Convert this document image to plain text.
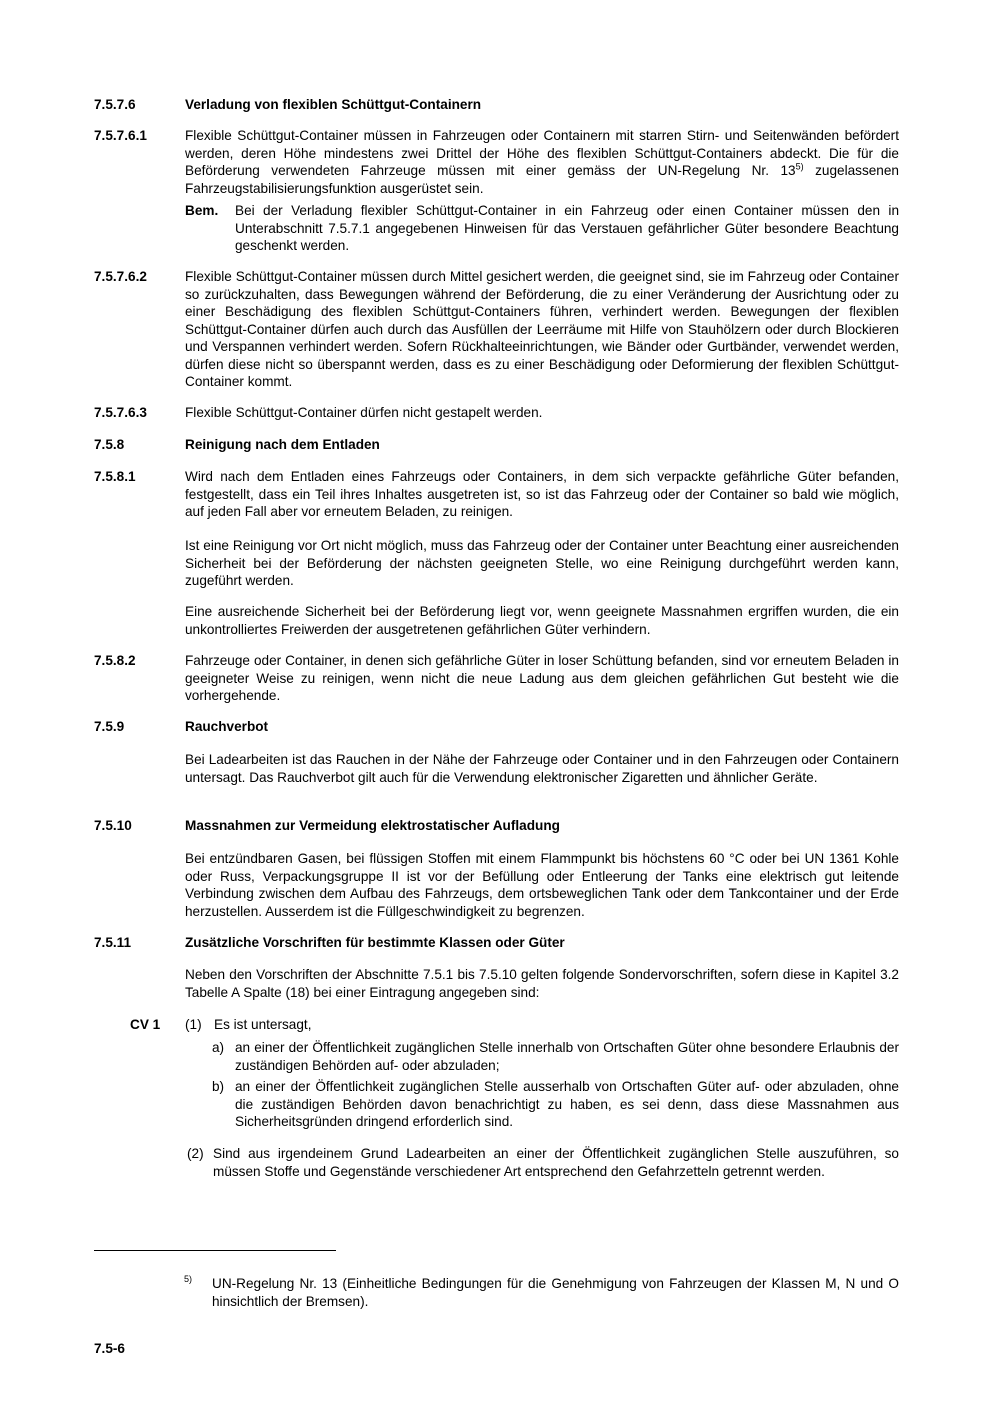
7.5.7.6	Verladung von flexiblen Schüttgut-Containern
7.5.7.6.1	Flexible Schüttgut-Container müssen in Fahrzeugen oder Containern mit starren Stirn- und Seitenwänden befördert werden, deren Höhe mindestens zwei Drittel der Höhe des flexiblen Schüttgut-Containers abdeckt. Die für die Beförderung verwendeten Fahrzeuge müssen mit einer gemäss der UN-Regelung Nr. 13$^{5)}$ zugelassenen Fahrzeugstabilisierungsfunktion ausgerüstet sein.
Bem. Bei der Verladung flexibler Schüttgut-Container in ein Fahrzeug oder einen Container müssen den in Unterabschnitt 7.5.7.1 angegebenen Hinweisen für das Verstauen gefährlicher Güter besondere Beachtung geschenkt werden.
7.5.7.6.2	Flexible Schüttgut-Container müssen durch Mittel gesichert werden, die geeignet sind, sie im Fahrzeug oder Container so zurückzuhalten, dass Bewegungen während der Beförderung, die zu einer Veränderung der Ausrichtung oder zu einer Beschädigung des flexiblen Schüttgut-Containers führen, verhindert werden. Bewegungen der flexiblen Schüttgut-Container dürfen auch durch das Ausfüllen der Leerräume mit Hilfe von Stauhölzern oder durch Blockieren und Verspannen verhindert werden. Sofern Rückhalteeinrichtungen, wie Bänder oder Gurtbänder, verwendet werden, dürfen diese nicht so überspannt werden, dass es zu einer Beschädigung oder Deformierung der flexiblen Schüttgut-Container kommt.
7.5.7.6.3	Flexible Schüttgut-Container dürfen nicht gestapelt werden.
7.5.8	Reinigung nach dem Entladen
7.5.8.1	Wird nach dem Entladen eines Fahrzeugs oder Containers, in dem sich verpackte gefährliche Güter befanden, festgestellt, dass ein Teil ihres Inhaltes ausgetreten ist, so ist das Fahrzeug oder der Container so bald wie möglich, auf jeden Fall aber vor erneutem Beladen, zu reinigen.

Ist eine Reinigung vor Ort nicht möglich, muss das Fahrzeug oder der Container unter Beachtung einer ausreichenden Sicherheit bei der Beförderung der nächsten geeigneten Stelle, wo eine Reinigung durchgeführt werden kann, zugeführt werden.

Eine ausreichende Sicherheit bei der Beförderung liegt vor, wenn geeignete Massnahmen ergriffen wurden, die ein unkontrolliertes Freiwerden der ausgetretenen gefährlichen Güter verhindern.

7.5.8.2	Fahrzeuge oder Container, in denen sich gefährliche Güter in loser Schüttung befanden, sind vor erneutem Beladen in geeigneter Weise zu reinigen, wenn nicht die neue Ladung aus dem gleichen gefährlichen Gut besteht wie die vorhergehende.
7.5.9	Rauchverbot
Bei Ladearbeiten ist das Rauchen in der Nähe der Fahrzeuge oder Container und in den Fahrzeugen oder Containern untersagt. Das Rauchverbot gilt auch für die Verwendung elektronischer Zigaretten und ähnlicher Geräte.
7.5.10	Massnahmen zur Vermeidung elektrostatischer Aufladung
Bei entzündbaren Gasen, bei flüssigen Stoffen mit einem Flammpunkt bis höchstens 60 °C oder bei UN 1361 Kohle oder Russ, Verpackungsgruppe II ist vor der Befüllung oder Entleerung der Tanks eine elektrisch gut leitende Verbindung zwischen dem Aufbau des Fahrzeugs, dem ortsbeweglichen Tank oder dem Tankcontainer und der Erde herzustellen. Ausserdem ist die Füllgeschwindigkeit zu begrenzen.
7.5.11	Zusätzliche Vorschriften für bestimmte Klassen oder Güter
Neben den Vorschriften der Abschnitte 7.5.1 bis 7.5.10 gelten folgende Sondervorschriften, sofern diese in Kapitel 3.2 Tabelle A Spalte (18) bei einer Eintragung angegeben sind:
CV 1 (1) Es ist untersagt,
a) an einer der Öffentlichkeit zugänglichen Stelle innerhalb von Ortschaften Güter ohne besondere Erlaubnis der zuständigen Behörden auf- oder abzuladen;
b) an einer der Öffentlichkeit zugänglichen Stelle ausserhalb von Ortschaften Güter auf- oder abzuladen, ohne die zuständigen Behörden davon benachrichtigt zu haben, es sei denn, dass diese Massnahmen aus Sicherheitsgründen dringend erforderlich sind.
(2) Sind aus irgendeinem Grund Ladearbeiten an einer der Öffentlichkeit zugänglichen Stelle auszuführen, so müssen Stoffe und Gegenstände verschiedener Art entsprechend den Gefahrzetteln getrennt werden.
5) UN-Regelung Nr. 13 (Einheitliche Bedingungen für die Genehmigung von Fahrzeugen der Klassen M, N und O hinsichtlich der Bremsen).
7.5-6
